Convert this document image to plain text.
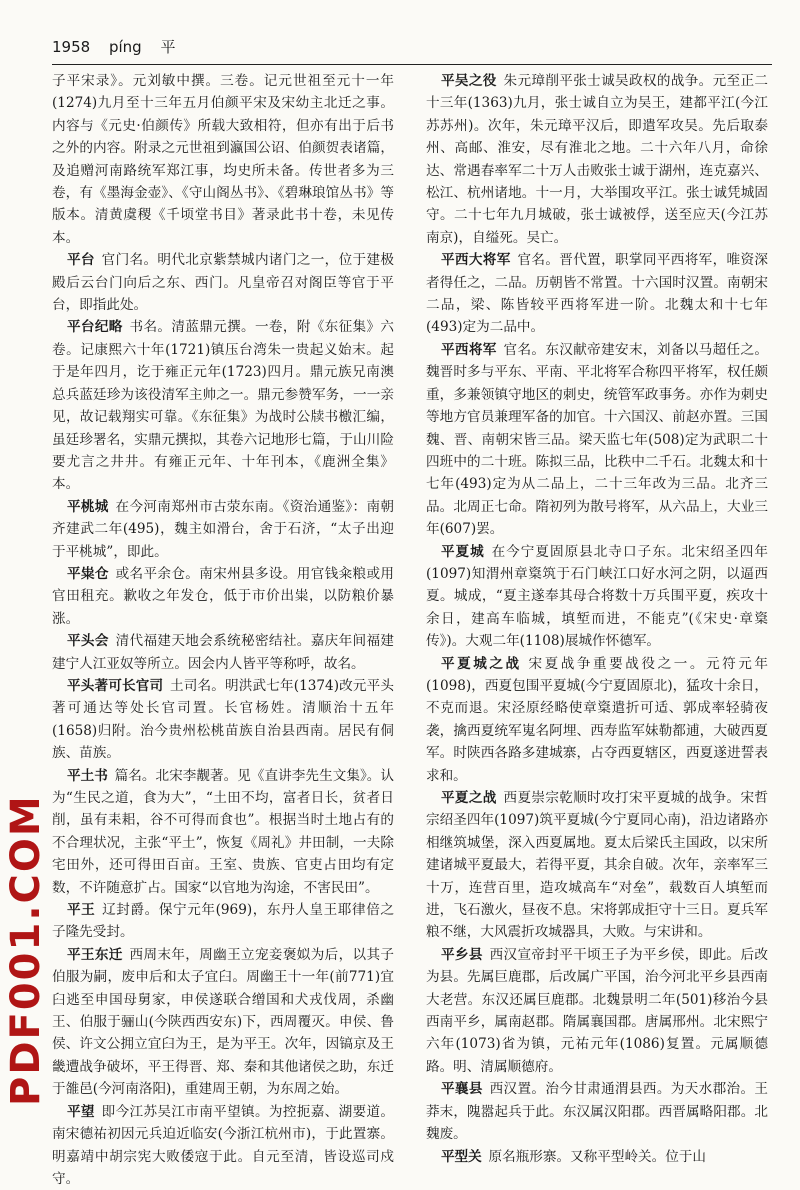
1958 píng 平

子平宋录》。元刘敏中撰。三卷。记元世祖至元十一年(1274)九月至十三年五月伯颜平宋及宋幼主北迁之事。内容与《元史·伯颜传》所载大致相符，但亦有出于后书之外的内容。附录之元世祖到瀛国公诏、伯颜贺表诸篇，及追赠河南路统军郑江事，均史所未备。传世者多为三卷，有《墨海金壶》、《守山阁丛书》、《碧琳琅馆丛书》等版本。清黄虞稷《千顷堂书目》著录此书十卷，未见传本。

平台 官门名。明代北京紫禁城内诸门之一，位于建极殿后云台门向后之东、西门。凡皇帝召对阁臣等官于平台，即指此处。

平台纪略 书名。清蓝鼎元撰。一卷，附《东征集》六卷。记康熙六十年(1721)镇压台湾朱一贵起义始末。起于是年四月，讫于雍正元年(1723)四月。鼎元族兄南澳总兵蓝廷珍为该役清军主帅之一。鼎元参赞军务，一一亲见，故记载翔实可靠。《东征集》为战时公牍书檄汇编，虽廷珍署名，实鼎元撰拟，其卷六记地形七篇，于山川险要尤言之井井。有雍正元年、十年刊本，《鹿洲全集》本。

平桃城 在今河南郑州市古荥东南。《资治通鉴》：南朝齐建武二年(495)，魏主如滑台，舍于石济，“太子出迎于平桃城”，即此。

平粜仓 或名平余仓。南宋州县多设。用官钱籴粮或用官田租充。歉收之年发仓，低于市价出粜，以防粮价暴涨。

平头会 清代福建天地会系统秘密结社。嘉庆年间福建建宁人江亚奴等所立。因会内人皆平等称呼，故名。

平头著可长官司 土司名。明洪武七年(1374)改元平头著可通达等处长官司置。长官杨姓。清顺治十五年(1658)归附。治今贵州松桃苗族自治县西南。居民有侗族、苗族。

平土书 篇名。北宋李觏著。见《直讲李先生文集》。认为“生民之道，食为大”，“土田不均，富者日长，贫者日削，虽有耒耜，谷不可得而食也”。根据当时土地占有的不合理状况，主张“平土”，恢复《周礼》井田制，一夫除宅田外，还可得田百亩。王室、贵族、官吏占田均有定数，不许随意扩占。国家“以官地为沟途，不害民田”。

平王 辽封爵。保宁元年(969)，东丹人皇王耶律倍之子隆先受封。

平王东迁 西周末年，周幽王立宠妾褒姒为后，以其子伯服为嗣，废申后和太子宜臼。周幽王十一年(前771)宜臼逃至申国母舅家，申侯遂联合缯国和犬戎伐周，杀幽王、伯服于骊山(今陕西西安东)下，西周覆灭。申侯、鲁侯、许文公拥立宜臼为王，是为平王。次年，因镐京及王畿遭战争破坏，平王得晋、郑、秦和其他诸侯之助，东迁于雒邑(今河南洛阳)，重建周王朝，为东周之始。

平望 即今江苏吴江市南平望镇。为控扼嘉、湖要道。南宋德祐初因元兵迫近临安(今浙江杭州市)，于此置寨。明嘉靖中胡宗宪大败倭寇于此。自元至清，皆设巡司戍守。

平吴之役 朱元璋削平张士诚吴政权的战争。元至正二十三年(1363)九月，张士诚自立为吴王，建都平江(今江苏苏州)。次年，朱元璋平汉后，即遣军攻吴。先后取泰州、高邮、淮安，尽有淮北之地。二十六年八月，命徐达、常遇春率军二十万人击败张士诚于湖州，连克嘉兴、松江、杭州诸地。十一月，大举围攻平江。张士诚凭城固守。二十七年九月城破，张士诚被俘，送至应天(今江苏南京)，自缢死。吴亡。

平西大将军 官名。晋代置，职掌同平西将军，唯资深者得任之，二品。历朝皆不常置。十六国时汉置。南朝宋二品，梁、陈皆较平西将军进一阶。北魏太和十七年(493)定为二品中。

平西将军 官名。东汉献帝建安末，刘备以马超任之。魏晋时多与平东、平南、平北将军合称四平将军，权任颇重，多兼领镇守地区的刺史，统管军政事务。亦作为刺史等地方官员兼理军备的加官。十六国汉、前赵亦置。三国魏、晋、南朝宋皆三品。梁天监七年(508)定为武职二十四班中的二十班。陈拟三品，比秩中二千石。北魏太和十七年(493)定为从二品上，二十三年改为三品。北齐三品。北周正七命。隋初列为散号将军，从六品上，大业三年(607)罢。

平夏城 在今宁夏固原县北寺口子东。北宋绍圣四年(1097)知渭州章楶筑于石门峡江口好水河之阴，以逼西夏。城成，“夏主遂奉其母合将数十万兵围平夏，疾攻十余日，建高车临城，填堑而进，不能克”(《宋史·章楶传》)。大观二年(1108)展城作怀德军。

平夏城之战 宋夏战争重要战役之一。元符元年(1098)，西夏包围平夏城(今宁夏固原北)，猛攻十余日，不克而退。宋泾原经略使章楶遣折可适、郭成率轻骑夜袭，擒西夏统军嵬名阿埋、西寿监军妹勒都逋，大破西夏军。时陕西各路多建城寨，占夺西夏辖区，西夏遂进誓表求和。

平夏之战 西夏崇宗乾顺时攻打宋平夏城的战争。宋哲宗绍圣四年(1097)筑平夏城(今宁夏同心南)，沿边诸路亦相继筑城堡，深入西夏属地。夏太后梁氏主国政，以宋所建诸城平夏最大，若得平夏，其余自破。次年，亲率军三十万，连营百里，造攻城高车“对垒”，载数百人填堑而进，飞石激火，昼夜不息。宋将郭成拒守十三日。夏兵军粮不继，大风震折攻城器具，大败。与宋讲和。

平乡县 西汉宣帝封平干顷王子为平乡侯，即此。后改为县。先属巨鹿郡，后改属广平国，治今河北平乡县西南大老营。东汉还属巨鹿郡。北魏景明二年(501)移治今县西南平乡，属南赵郡。隋属襄国郡。唐属邢州。北宋熙宁六年(1073)省为镇，元祐元年(1086)复置。元属顺德路。明、清属顺德府。

平襄县 西汉置。治今甘肃通渭县西。为天水郡治。王莽末，隗嚣起兵于此。东汉属汉阳郡。西晋属略阳郡。北魏废。

平型关 原名瓶形寨。又称平型岭关。位于山

PDF001.COM
